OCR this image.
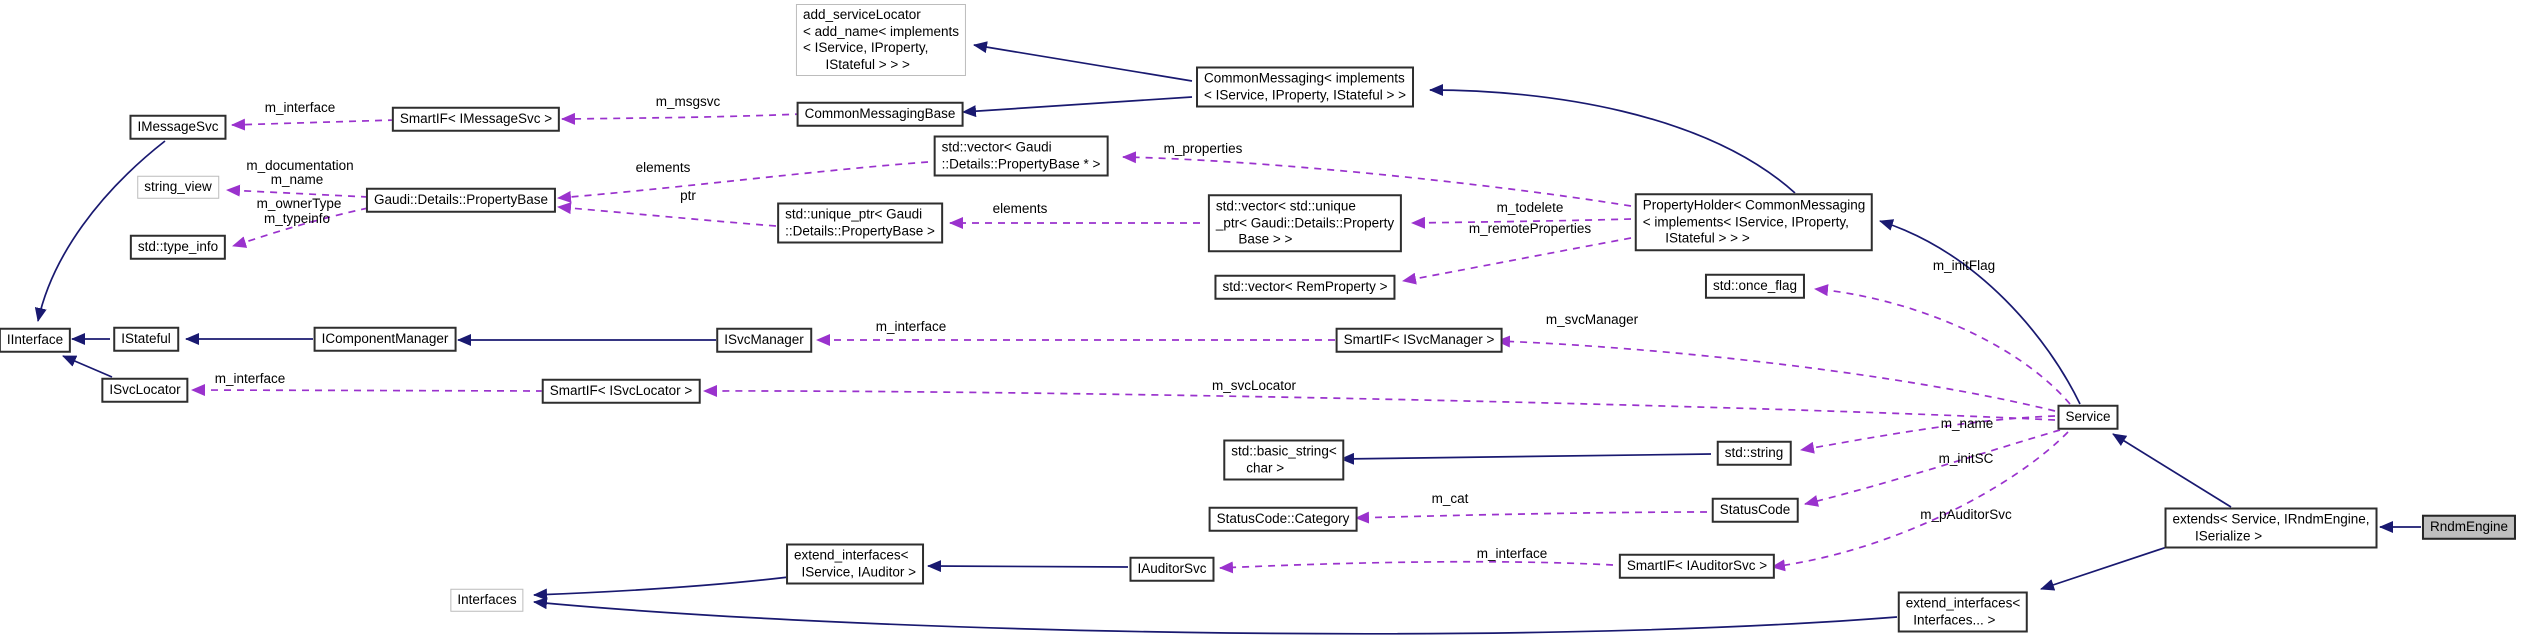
m_interface	m_msgsvc
m_documentation
m_name
m_ownerType
m_typeinfo
elements
ptr
elements
m_properties
m_todelete
m_remoteProperties
m_initFlag
m_svcManager
m_interface
m_svcLocator
m_interface
m_name
m_initSC
m_cat
m_pAuditorSvc
m_interface
add_serviceLocator
< add_name< implements
< IService, IProperty,
IStateful > > >
CommonMessaging< implements
< IService, IProperty, IStateful > >
CommonMessagingBase
SmartIF< IMessageSvc >
IMessageSvc
string_view
Gaudi::Details::PropertyBase
std::type_info
std::vector< Gaudi
::Details::PropertyBase * >
std::unique_ptr< Gaudi
::Details::PropertyBase >
std::vector< std::unique
_ptr< Gaudi::Details::Property
Base > >
std::vector< RemProperty >
PropertyHolder< CommonMessaging
< implements< IService, IProperty,
IStateful > > >
std::once_flag
IInterface	IStateful	IComponentManager	ISvcManager	SmartIF< ISvcManager >
ISvcLocator	SmartIF< ISvcLocator >
Service
std::basic_string<
char >
std::string
StatusCode::Category
StatusCode
extend_interfaces<
IService, IAuditor >	IAuditorSvc	SmartIF< IAuditorSvc >
Interfaces	extend_interfaces<
Interfaces... >
extends< Service, IRndmEngine,
ISerialize >
RndmEngine
